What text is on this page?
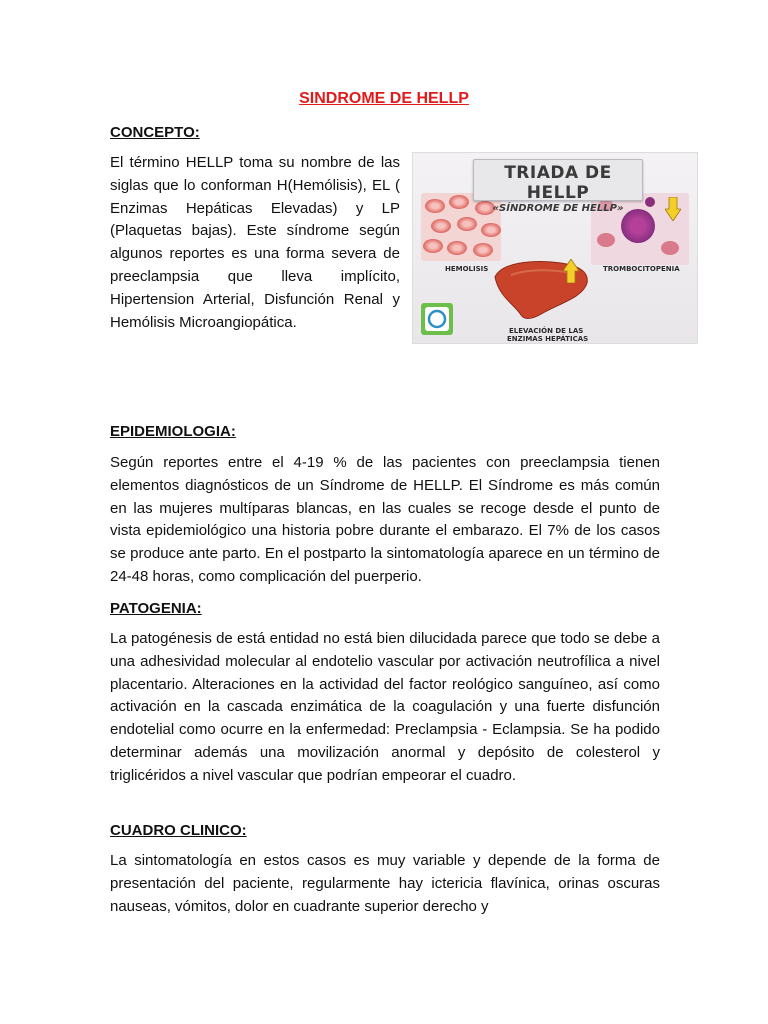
SINDROME DE HELLP
CONCEPTO:
El término HELLP toma su nombre de las siglas que lo conforman H(Hemólisis), EL ( Enzimas Hepáticas Elevadas) y LP (Plaquetas bajas). Este síndrome según algunos reportes es una forma severa de preeclampsia que lleva implícito, Hipertension Arterial, Disfunción Renal y Hemólisis Microangiopática.
TRIADA DE HELLP
«SÍNDROME DE HELLP»
HEMOLISIS	TROMBOCITOPENIA
ELEVACIÓN DE LAS
ENZIMAS HEPÁTICAS
EPIDEMIOLOGIA:
Según reportes entre el 4-19 % de las pacientes con preeclampsia tienen elementos diagnósticos de un Síndrome de HELLP. El Síndrome es más común en las mujeres multíparas blancas, en las cuales se recoge desde el punto de vista epidemiológico una historia pobre durante el embarazo. El 7% de los casos se produce ante parto. En el postparto la sintomatología aparece en un término de 24-48 horas, como complicación del puerperio.
PATOGENIA:
La patogénesis de está entidad no está bien dilucidada parece que todo se debe a una adhesividad molecular al endotelio vascular por activación neutrofílica a nivel placentario. Alteraciones en la actividad del factor reológico sanguíneo, así como activación en la cascada enzimática de la coagulación y una fuerte disfunción endotelial como ocurre en la enfermedad: Preclampsia - Eclampsia. Se ha podido determinar además una movilización anormal y depósito de colesterol y triglicéridos a nivel vascular que podrían empeorar el cuadro.
CUADRO CLINICO:
La sintomatología en estos casos es muy variable y depende de la forma de presentación del paciente, regularmente hay ictericia flavínica, orinas oscuras nauseas, vómitos, dolor en cuadrante superior derecho y
